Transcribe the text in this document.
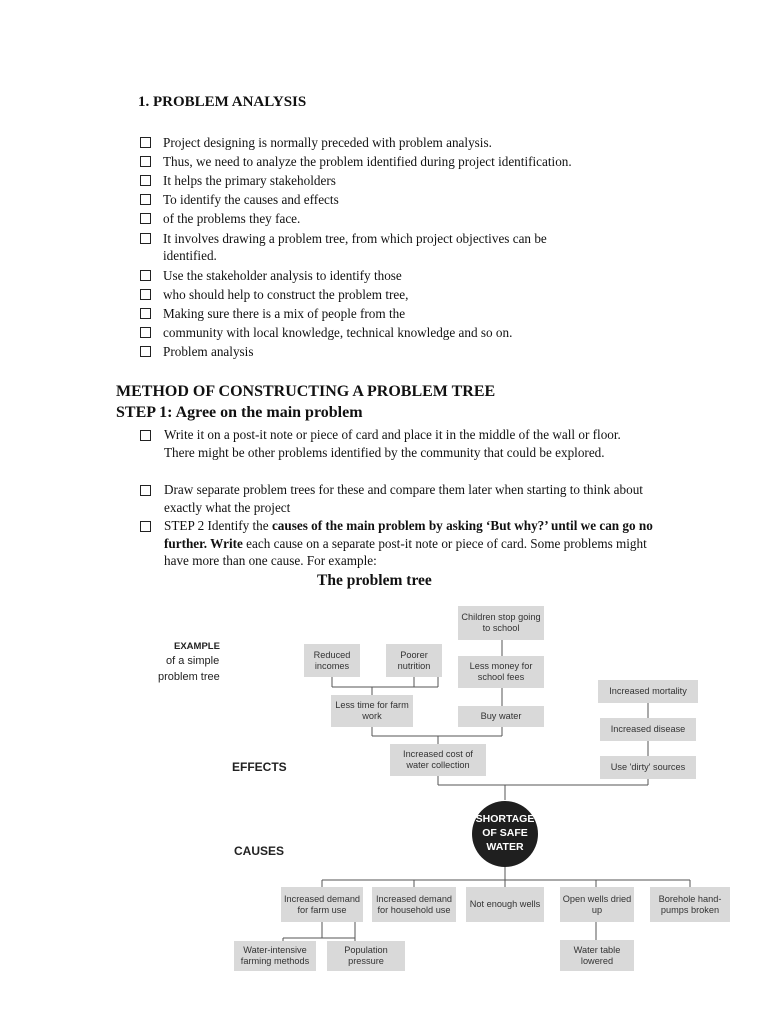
1. PROBLEM ANALYSIS
Project designing is normally preceded with problem analysis.
Thus, we need to analyze the problem identified during project identification.
It helps the primary stakeholders
To identify the causes and effects
of the problems they face.
It involves drawing a problem tree, from which project objectives can be
identified.
Use the stakeholder analysis to identify those
who should help to construct the problem tree,
Making sure there is a mix of people from the
community with local knowledge, technical knowledge and so on.
Problem analysis
METHOD OF CONSTRUCTING A PROBLEM TREE
STEP 1: Agree on the main problem
Write it on a post-it note or piece of card and place it in the middle of the wall or floor. There might be other problems identified by the community that could be explored.
Draw separate problem trees for these and compare them later when starting to think about exactly what the project
STEP 2 Identify the causes of the main problem by asking ‘But why?’ until we can go no further. Write each cause on a separate post-it note or piece of card. Some problems might have more than one cause. For example:
The problem tree
EXAMPLE
of a simple
problem tree
EFFECTS
CAUSES
SHORTAGE
OF SAFE
WATER
Children stop going to school
Reduced incomes
Poorer nutrition	Less money for school fees
Less time for farm work	Buy water
Increased mortality
Increased disease
Increased cost of water collection	Use 'dirty' sources
Increased demand for farm use
Increased demand for household use
Not enough wells
Open wells dried up
Borehole hand-pumps broken
Water-intensive farming methods
Population pressure
Water table lowered
